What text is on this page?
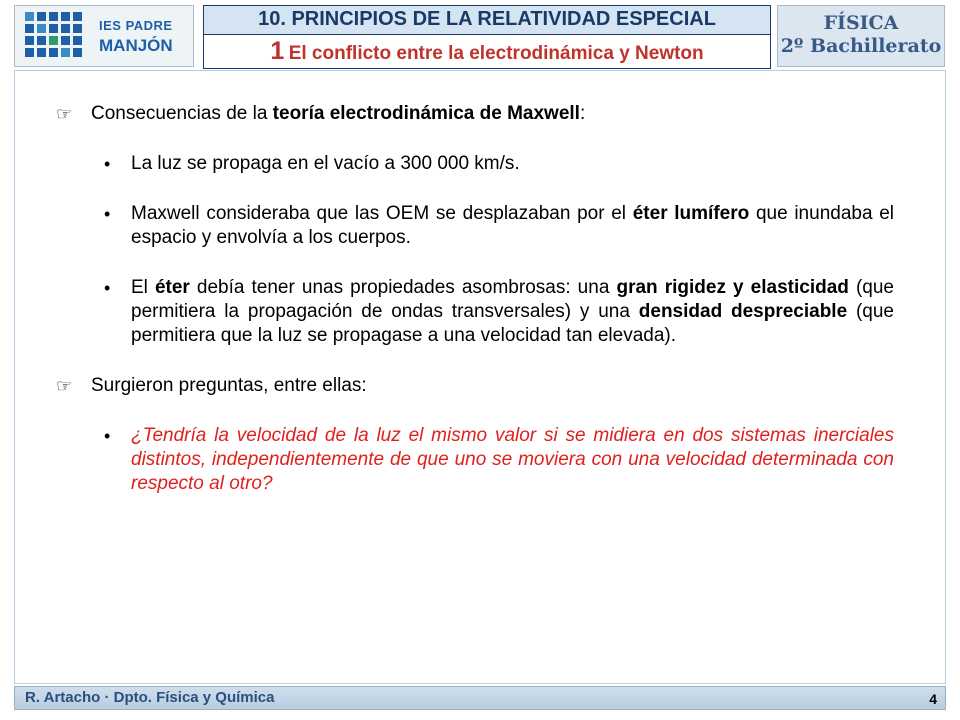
IES PADRE
MANJÓN
10. PRINCIPIOS DE LA RELATIVIDAD ESPECIAL
1 El conflicto entre la electrodinámica y Newton
FÍSICA
2º Bachillerato
☞ Consecuencias de la teoría electrodinámica de Maxwell:
• La luz se propaga en el vacío a 300 000 km/s.
• Maxwell consideraba que las OEM se desplazaban por el éter lumífero que inundaba el espacio y envolvía a los cuerpos.
• El éter debía tener unas propiedades asombrosas: una gran rigidez y elasticidad (que permitiera la propagación de ondas transversales) y una densidad despreciable (que permitiera que la luz se propagase a una velocidad tan elevada).
☞ Surgieron preguntas, entre ellas:
• ¿Tendría la velocidad de la luz el mismo valor si se midiera en dos sistemas inerciales distintos, independientemente de que uno se moviera con una velocidad determinada con respecto al otro?
R. Artacho · Dpto. Física y Química	4
